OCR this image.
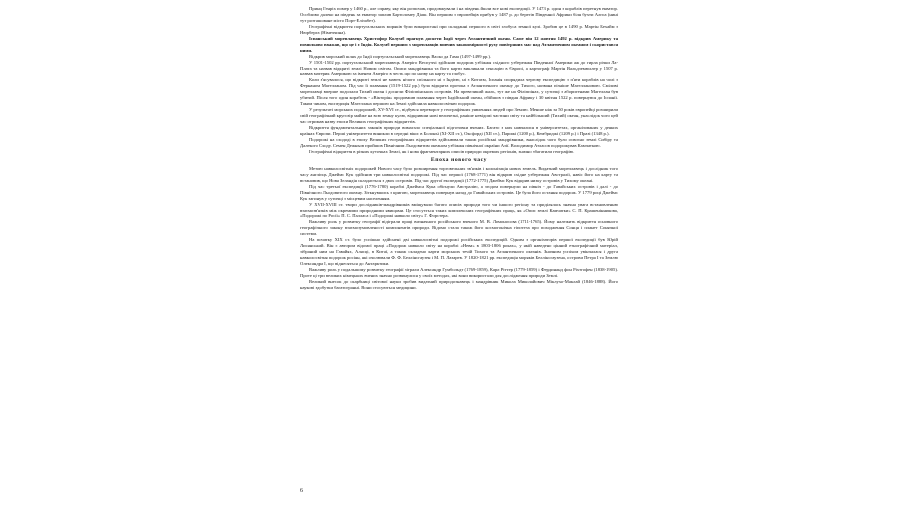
Принц Генріх помер у 1460 р., але справу, яку він розпочав, продовжували і на південь йшли все нові експедиції. У 1473 р. один з кораблів перетнув екватор. Особливо далеко на південь за екватор заплив Бартоломеу Діаш. Він першим з європейців прибув у 1487 р. до берегів Південної Африки біля бухти Алгоа (нині тут розташоване місто Порт-Елізабет).

Географічні відкриття португальських моряків були використані при складанні першого в світі глобуса земної кулі. Зробив це в 1490 р. Мартін Бехайм з Нюрберга (Німеччина).

Іспанський мореплавець Христофор Колумб прагнув досягти Індії через Атлантичний океан. Саме він 12 жовтня 1492 р. відкрив Америку та помилково вважав, що це і є Індія. Колумб першим з мореплавців вивчив закономірності руху повітряних мас над Атлантичним океаном і скористався ними.

Відкрив морський шлях до Індії португальський мореплавець Васко да Гама (1497-1499 рр.).

У 1501-1502 рр. португальський мореплавець Амеріго Веспуччі здійснив подорож узбіжжя східного узбережжя Південної Америки аж до гирла річки Ла-Плата та назвав відкриті землі Новим світом. Описи мандрівника та його карти викликали сенсацію в Європі, а картограф Мартін Вальдземюллер у 1507 р. назвав материк Америкою за іменем Амеріго в честь що по назву на карту та глобус.

Коли з'ясувалося, що відкриті землі не мають нічого спільного ні з Індією, ні з Китаєм, Іспанія спорядила чергову експедицію з п'яти кораблів на чолі з Фернаном Магелланом. Під час її плавання (1519-1522 рр.) була відкрита протока з Атлантичного океану до Тихого, названа пізніше Магеллановою. Сміливі мореплавці вперше подолали Тихий океан і досягли Філіппінських островів. На превеликий жаль, тут же на Філіппінах, у сутичці з аборигенами Магеллан був убитий. Після того один корабель - «Вікторія» продовжив плавання через Індійський океан, обійшов з півдня Африку і 30 квітня 1522 р. повернувся до Іспанії. Таким чином, експедиція Магеллана першою на Землі здійснила навколосвітню подорож.

У результаті морських подорожей, XV-XVI ст., відбувся переворот у географічних уявленнях людей про Землю. Менше ніж за 50 років європейці розширили свій географічний кругозір майже на всю земну кулю, відкривши нові величезні, раніше невідомі частини світу та найбільший (Тихий) океан, унаслідок чого цей час отримав назву епохи Великих географічних відкриттів.

Відкриття фундаментальних законів природи вимагало спеціальної підготовки вчених. Багато з них навчалися в університетах, організованих у деяких країнах Європи. Перші університети виникли в середні віки: в Болоньї (XI-XII ст.), Оксфорді (XII ст.), Парижі (1200 р.), Кембриджі (1209 р.) і Празі (1348 р.).

Подорожі на схододі в епоху Великих географічних відкриттів здійснювали також російські мандрівники, внаслідок чого було освоєно землі Сибіру та Далекого Сходу. Семен Дежньов пройшов Північним Льодовитим океаном узбіжжя північної окраїни Азії. Володимир Атласов подорожував Камчаткою.

Географічні відкриття в різних куточках Землі, як і нова фрагментарних описів природи окремих регіонів, значно збагатили географію.

Епоха нового часу

Метою навколосвітніх подорожей Нового часу було розширення торговельних зв'язків і колонізація нових земель. Видатний мореплавець і дослідник того часу англієць Джеймс Кук здійснив три навколосвітні подорожі. Під час першої (1768-1771) він відкрив східне узбережжя Австралії, навіс його на карту та встановив, що Нова Зеландія складається з двох островів. Під час другої експедиції (1772-1775) Джеймс Кук відкрив низку островів у Тихому океані.

Під час третьої експедиції (1776-1780) кораблі Джеймса Кука обігнули Австралію, а згодом повернули на північ - до Гавайських островів і далі - до Північного Льодовитого океану. Зіткнувшись з кригою, мореплавець повернув назад до Гавайських островів. Це була його остання подорож. У 1779 році Джеймс Кук загинув у сутичці з місцевим населенням.

У XVII-XVIII ст. твори дослідників-мандрівників вміщували багато описів природи того чи іншого регіону та приділялась значна увага встановленню взаємозв'язків між окремими природними явищами. Це стосується таких комплексних географічних праць, як «Опис землі Камчатки» С. П. Крашенінникова, «Подорожі по Росії» П. С. Палласа і «Подорожі навколо світу» Г. Форстера.

Важливу роль у розвитку географії відіграли праці визначного російського вченого М. В. Ломоносова (1711-1765). Йому належить відкриття основного географічного закону взаємозумовленості компонентів природи. Відомо стала також його космогонічна гіпотеза про походження Сонця і планет Сонячної системи.

На початку XIX ст. було успішно здійснені дві навколосвітні подорожі російських експедицій. Одним з організаторів першої експедиції був Юрій Лисянський. Він є автором відомої праці «Подорож навколо світу на кораблі «Нева» в 1803-1806 роках», у якій наведено цінний етнографічний матеріал, зібраний ним на Гавайях, Алясці, в Китаї, а також складено карти морських течій Тихого та Атлантичного океанів. Значним успіхом увінчалася і друга навколосвітня подорож росіян, які очолювали Ф. Ф. Беллінсгаузен і М. П. Лазарев. У 1820-1821 рр. експедиція моряків Беллінсгаузена, острови Петра І та Землю Олександра І, що віднесяться до Антарктики.

Важливу роль у подальшому розвитку географії зіграли Александр Гумбольдт (1769-1859), Карл Ріттер (1779-1859) і Фердинанд фон Ріхтгофен (1838-1905). Проте ці три великих німецьких вчених значно розвинулися у своїх методах, які вони використали для дослідження природи Землі.

Великий внесок до скарбниці світової науки зробив видатний природознавець і мандрівник Микола Миколайович Міклухо-Маклай (1846-1888). Його наукові здобутки багатогранні. Вони стосуються медицини.

6
